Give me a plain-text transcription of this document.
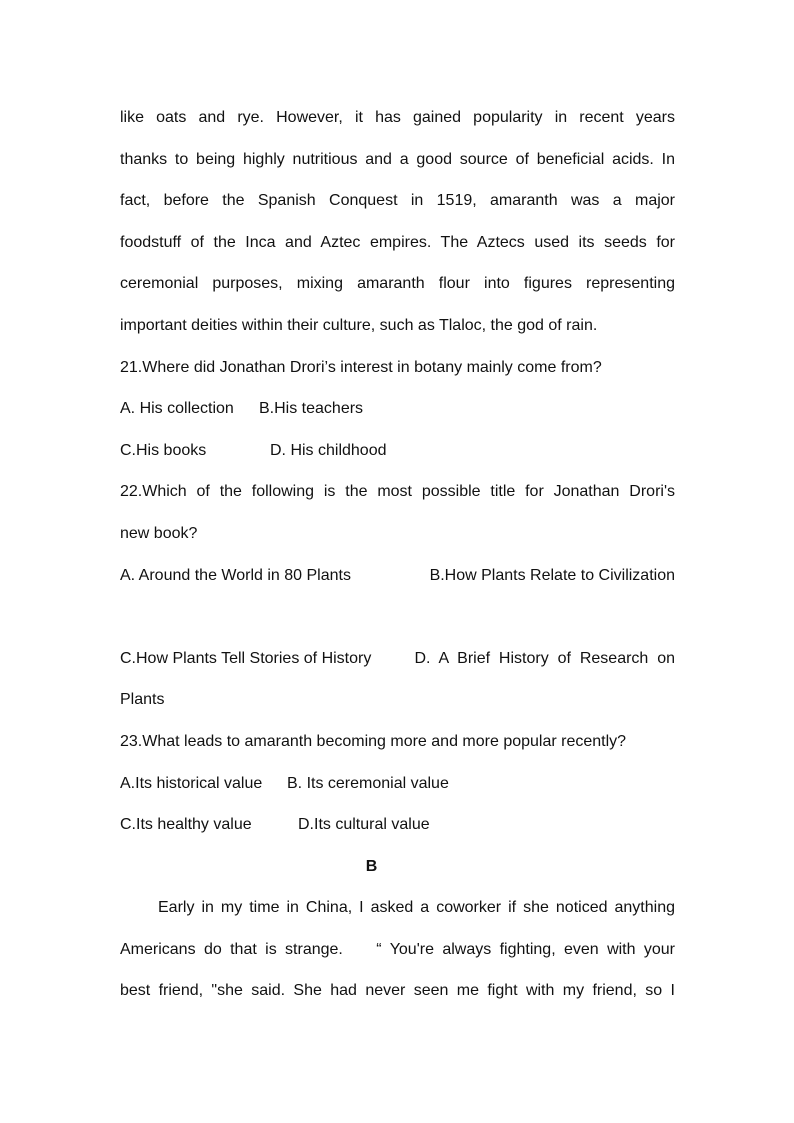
like oats and rye. However, it has gained popularity in recent years
thanks to being highly nutritious and a good source of beneficial acids. In
fact, before the Spanish Conquest in 1519, amaranth was a major
foodstuff of the Inca and Aztec empires. The Aztecs used its seeds for
ceremonial purposes, mixing amaranth flour into figures representing
important deities within their culture, such as Tlaloc, the god of rain.
21.Where did Jonathan Drori’s interest in botany mainly come from?
A. His collection	B.His teachers
C.His books	D. His childhood
22.Which of the following is the most possible title for Jonathan Drori's
new book?
A. Around the World in 80 Plants	B.How Plants Relate to Civilization
C.How Plants Tell Stories of History	D.  A  Brief  History  of  Research  on
Plants
23.What leads to amaranth becoming more and more popular recently?
A.Its historical value	B. Its ceremonial value
C.Its healthy value	D.Its cultural value
B
Early in my time in China, I asked a coworker if she noticed anything
Americans do that is strange.    “ You're always fighting, even with your
best friend, "she said. She had never seen me fight with my friend, so I
